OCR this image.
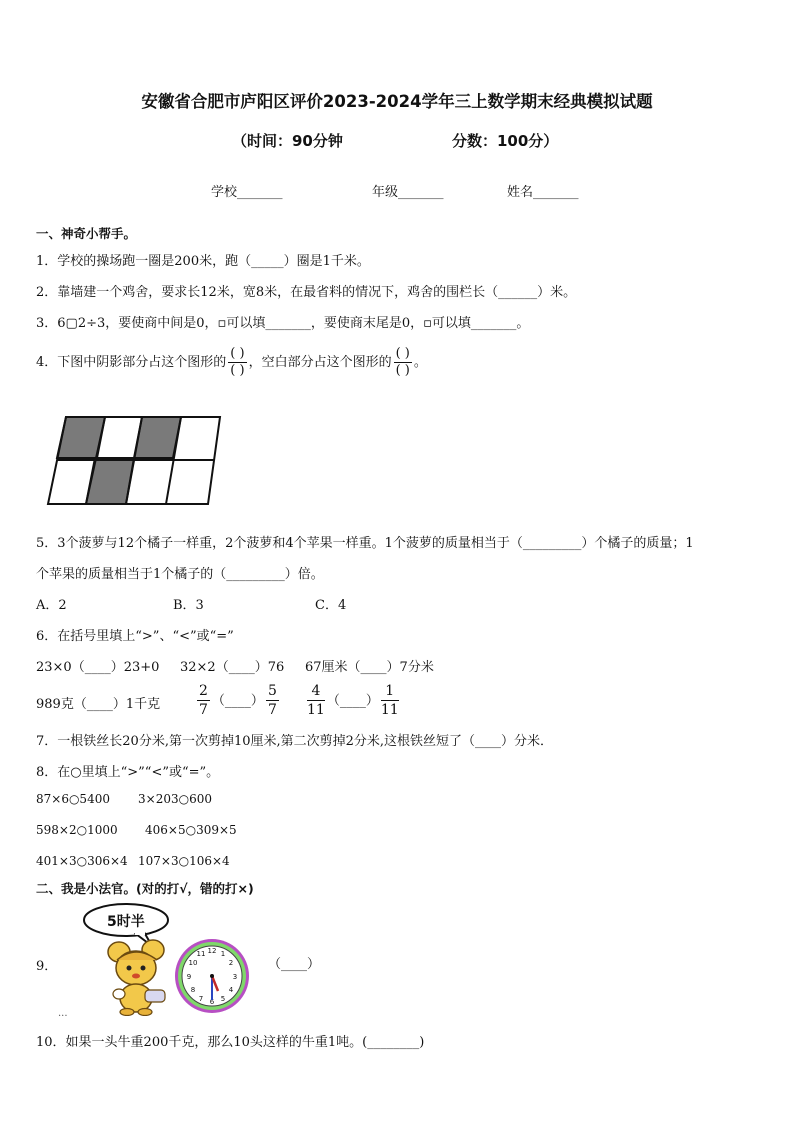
安徽省合肥市庐阳区评价2023-2024学年三上数学期末经典模拟试题
（时间：90分钟	分数：100分）
学校_______	年级_______	姓名_______
一、神奇小帮手。
1．学校的操场跑一圈是200米，跑（_____）圈是1千米。
2．靠墙建一个鸡舍，要求长12米，宽8米，在最省料的情况下，鸡舍的围栏长（______）米。
3．6▢2÷3，要使商中间是0，▫可以填_______，要使商末尾是0，▫可以填_______。
4．下图中阴影部分占这个图形的 $\frac{( )}{( )}$ ，空白部分占这个图形的 $\frac{( )}{( )}$ 。
5．3个菠萝与12个橘子一样重，2个菠萝和4个苹果一样重。1个菠萝的质量相当于（_________）个橘子的质量；1
个苹果的质量相当于1个橘子的（_________）倍。
A．2	B．3	C．4
6．在括号里填上“>”、“<”或“=”
23×0（____）23+0 32×2（____）76 67厘米（____）7分米
989克（____）1千克	$\frac{2}{7}$ （____） $\frac{5}{7} \frac{4}{11}$ （____） $\frac{1}{11}$
7．一根铁丝长20分米,第一次剪掉10厘米,第二次剪掉2分米,这根铁丝短了（____）分米．
8．在○里填上“>”“<”或“=”。
87×6○5400 3×203○600
598×2○1000 406×5○309×5
401×3○306×4 107×3○106×4
二、我是小法官。(对的打√，错的打×)
9．
5时半
12 1
2
3
4
5
6
7
8
9
10
11
（____）
...
10．如果一头牛重200千克，那么10头这样的牛重1吨。(________)
